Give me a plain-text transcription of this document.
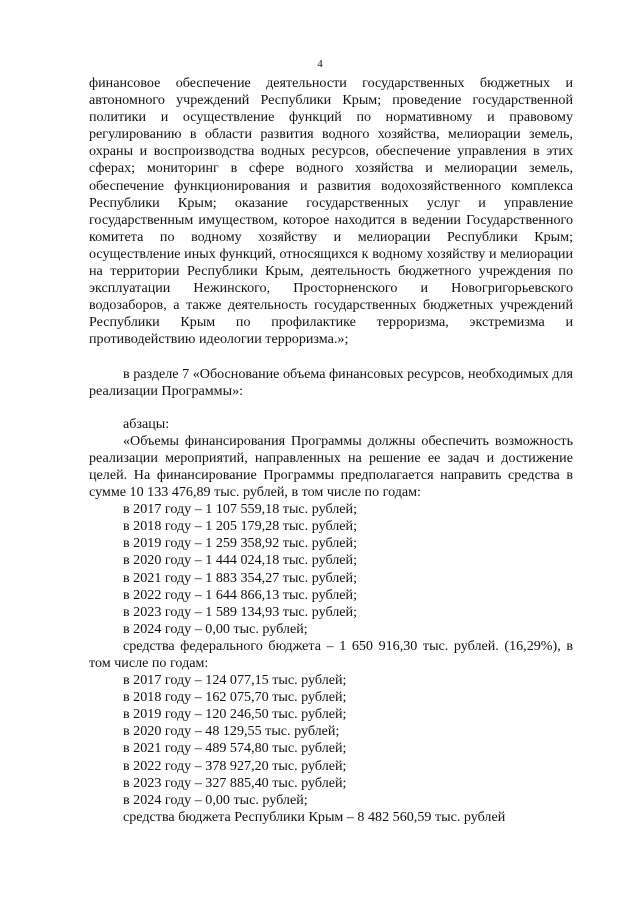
4

финансовое обеспечение деятельности государственных бюджетных и автономного учреждений Республики Крым; проведение государственной политики и осуществление функций по нормативному и правовому регулированию в области развития водного хозяйства, мелиорации земель, охраны и воспроизводства водных ресурсов, обеспечение управления в этих сферах; мониторинг в сфере водного хозяйства и мелиорации земель, обеспечение функционирования и развития водохозяйственного комплекса Республики Крым; оказание государственных услуг и управление государственным имуществом, которое находится в ведении Государственного комитета по водному хозяйству и мелиорации Республики Крым; осуществление иных функций, относящихся к водному хозяйству и мелиорации на территории Республики Крым, деятельность бюджетного учреждения по эксплуатации Нежинского, Просторненского и Новогригорьевского водозаборов, а также деятельность государственных бюджетных учреждений Республики Крым по профилактике терроризма, экстремизма и противодействию идеологии терроризма.»;

в разделе 7 «Обоснование объема финансовых ресурсов, необходимых для реализации Программы»:

абзацы:

«Объемы финансирования Программы должны обеспечить возможность реализации мероприятий, направленных на решение ее задач и достижение целей. На финансирование Программы предполагается направить средства в сумме 10 133 476,89 тыс. рублей, в том числе по годам:

в 2017 году – 1 107 559,18 тыс. рублей;

в 2018 году – 1 205 179,28 тыс. рублей;

в 2019 году – 1 259 358,92 тыс. рублей;

в 2020 году – 1 444 024,18 тыс. рублей;

в 2021 году – 1 883 354,27 тыс. рублей;

в 2022 году – 1 644 866,13 тыс. рублей;

в 2023 году – 1 589 134,93 тыс. рублей;

в 2024 году – 0,00 тыс. рублей;

средства федерального бюджета – 1 650 916,30 тыс. рублей. (16,29%), в том числе по годам:

в 2017 году – 124 077,15 тыс. рублей;

в 2018 году – 162 075,70 тыс. рублей;

в 2019 году – 120 246,50 тыс. рублей;

в 2020 году – 48 129,55 тыс. рублей;

в 2021 году – 489 574,80 тыс. рублей;

в 2022 году – 378 927,20 тыс. рублей;

в 2023 году – 327 885,40 тыс. рублей;

в 2024 году – 0,00 тыс. рублей;

средства бюджета Республики Крым – 8 482 560,59 тыс. рублей
